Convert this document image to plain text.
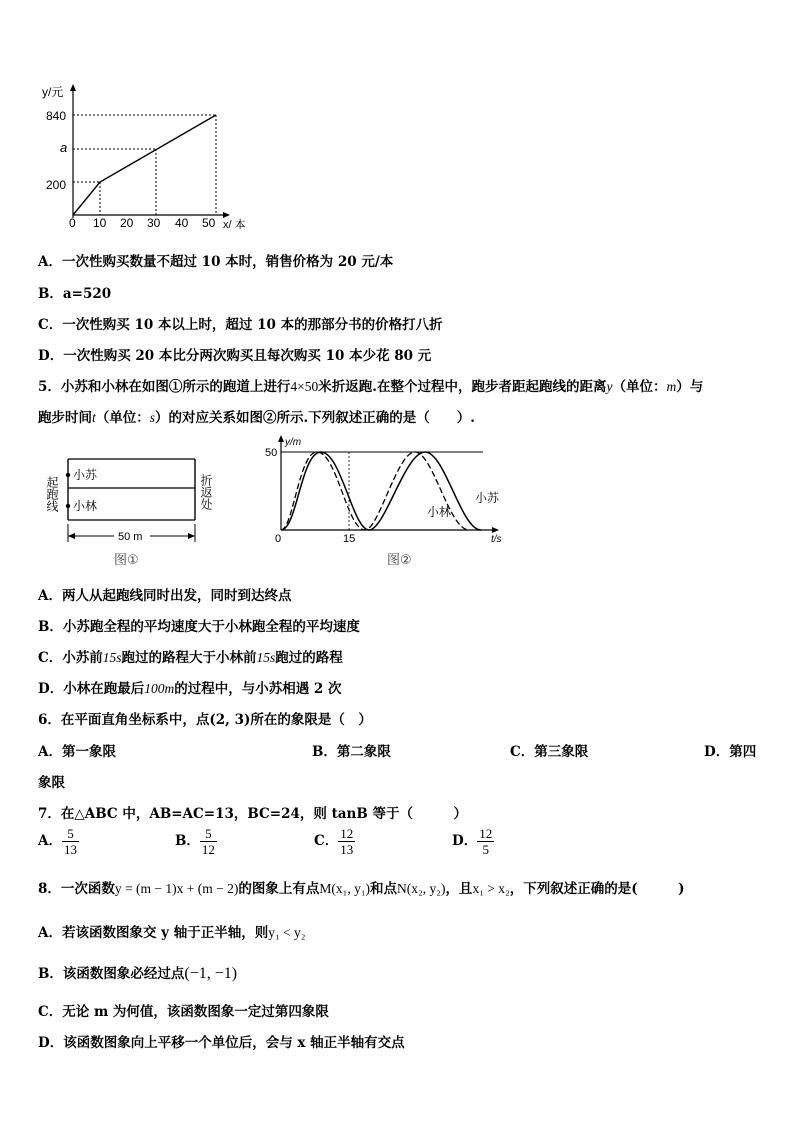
y/元
x/ 本
840
a
200
0 10 20 30 40 50
A．一次性购买数量不超过 10 本时，销售价格为 20 元/本
B．a=520
C．一次性购买 10 本以上时，超过 10 本的那部分书的价格打八折
D．一次性购买 20 本比分两次购买且每次购买 10 本少花 80 元
5．小苏和小林在如图①所示的跑道上进行4×50米折返跑.在整个过程中，跑步者距起跑线的距离y（单位：m）与
跑步时间t（单位：s）的对应关系如图②所示.下列叙述正确的是（　　）.
起跑线	折返处
小苏
小林
50 m
图①
y/m
50
0	15	t/s
小林
小苏
图②
A．两人从起跑线同时出发，同时到达终点
B．小苏跑全程的平均速度大于小林跑全程的平均速度
C．小苏前15s跑过的路程大于小林前15s跑过的路程
D．小林在跑最后100m的过程中，与小苏相遇 2 次
6．在平面直角坐标系中，点(2, 3)所在的象限是（　）
A．第一象限	B．第二象限	C．第三象限	D．第四
象限
7．在△ABC 中，AB=AC=13，BC=24，则 tanB 等于（　　　）
A． $\frac{5}{13}$	B． $\frac{5}{12}$	C． $\frac{12}{13}$	D． $\frac{12}{5}$
8．一次函数y = (m − 1)x + (m − 2)的图象上有点M(x₁, y₁)和点N(x₂, y₂)，且x₁ > x₂，下列叙述正确的是(　　　)
A．若该函数图象交 y 轴于正半轴，则y₁ < y₂
B．该函数图象必经过点(−1, −1)
C．无论 m 为何值，该函数图象一定过第四象限
D．该函数图象向上平移一个单位后，会与 x 轴正半轴有交点
